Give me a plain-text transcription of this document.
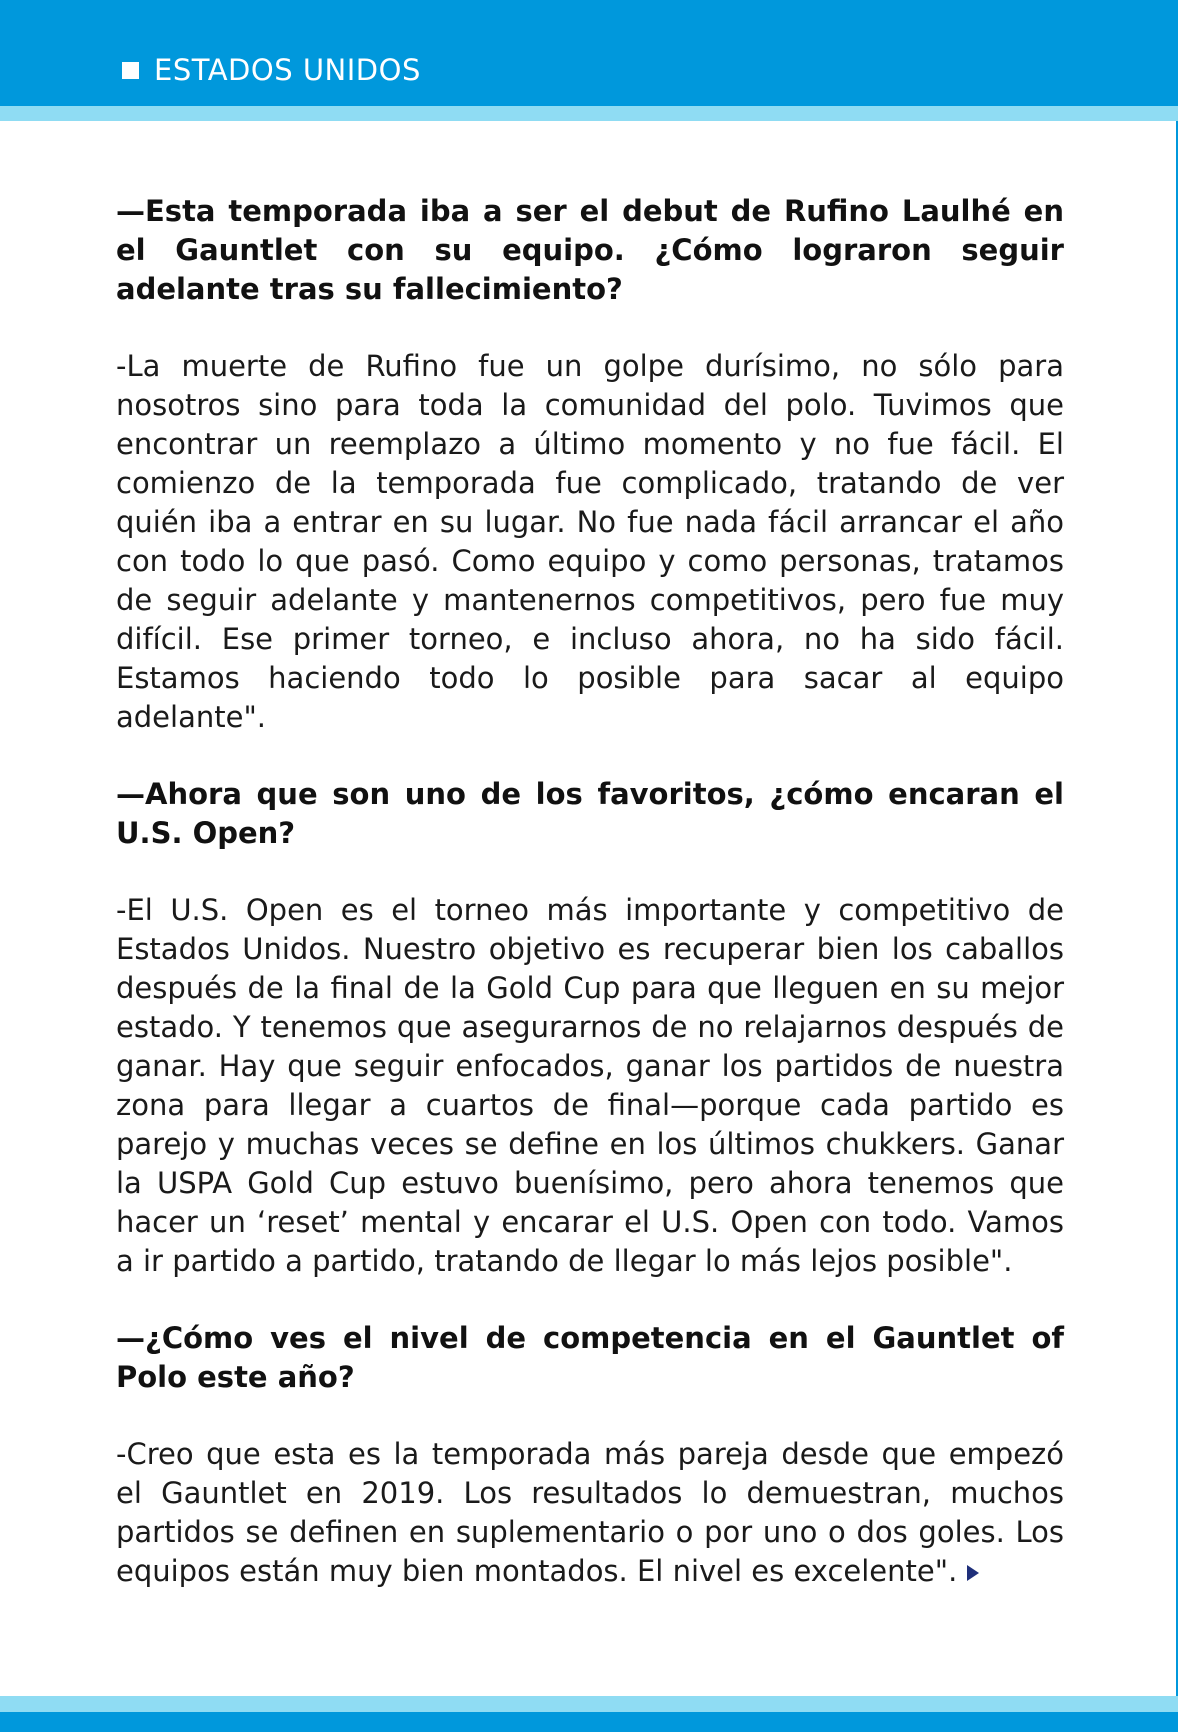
ESTADOS UNIDOS

—Esta temporada iba a ser el debut de Rufino Laulhé en el Gauntlet con su equipo. ¿Cómo lograron seguir adelante tras su fallecimiento?

-La muerte de Rufino fue un golpe durísimo, no sólo para nosotros sino para toda la comunidad del polo. Tuvimos que encontrar un reemplazo a último momento y no fue fácil. El comienzo de la temporada fue complicado, tratando de ver quién iba a entrar en su lugar. No fue nada fácil arrancar el año con todo lo que pasó. Como equipo y como personas, tratamos de seguir adelante y mantenernos competitivos, pero fue muy difícil. Ese primer torneo, e incluso ahora, no ha sido fácil. Estamos haciendo todo lo posible para sacar al equipo adelante".

—Ahora que son uno de los favoritos, ¿cómo encaran el U.S. Open?

-El U.S. Open es el torneo más importante y competitivo de Estados Unidos. Nuestro objetivo es recuperar bien los caballos después de la final de la Gold Cup para que lleguen en su mejor estado. Y tenemos que asegurarnos de no relajarnos después de ganar. Hay que seguir enfocados, ganar los partidos de nuestra zona para llegar a cuartos de final—porque cada partido es parejo y muchas veces se define en los últimos chukkers. Ganar la USPA Gold Cup estuvo buenísimo, pero ahora tenemos que hacer un ‘reset’ mental y encarar el U.S. Open con todo. Vamos a ir partido a partido, tratando de llegar lo más lejos posible".

—¿Cómo ves el nivel de competencia en el Gauntlet of Polo este año?

-Creo que esta es la temporada más pareja desde que empezó el Gauntlet en 2019. Los resultados lo demuestran, muchos partidos se definen en suplementario o por uno o dos goles. Los equipos están muy bien montados. El nivel es excelente".
